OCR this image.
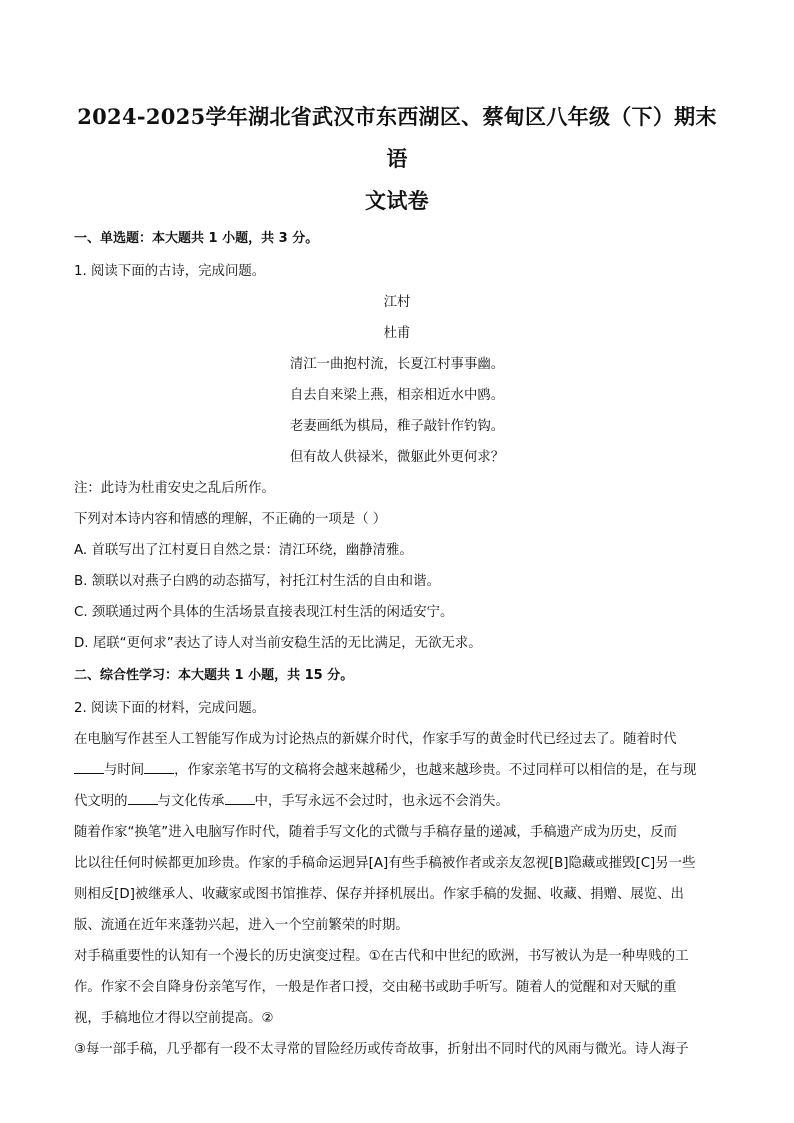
2024-2025学年湖北省武汉市东西湖区、蔡甸区八年级（下）期末语
文试卷
一、单选题：本大题共 1 小题，共 3 分。

1. 阅读下面的古诗，完成问题。

江村
杜甫
清江一曲抱村流，长夏江村事事幽。
自去自来梁上燕，相亲相近水中鸥。
老妻画纸为棋局，稚子敲针作钓钩。
但有故人供禄米，微躯此外更何求？

注：此诗为杜甫安史之乱后所作。

下列对本诗内容和情感的理解，不正确的一项是（ ）

A. 首联写出了江村夏日自然之景：清江环绕，幽静清雅。

B. 颔联以对燕子白鸥的动态描写，衬托江村生活的自由和谐。

C. 颈联通过两个具体的生活场景直接表现江村生活的闲适安宁。

D. 尾联“更何求”表达了诗人对当前安稳生活的无比满足，无欲无求。

二、综合性学习：本大题共 1 小题，共 15 分。

2. 阅读下面的材料，完成问题。

在电脑写作甚至人工智能写作成为讨论热点的新媒介时代，作家手写的黄金时代已经过去了。随着时代
与时间 ，作家亲笔书写的文稿将会越来越稀少，也越来越珍贵。不过同样可以相信的是，在与现
代文明的 与文化传承 中，手写永远不会过时，也永远不会消失。

随着作家“换笔”进入电脑写作时代，随着手写文化的式微与手稿存量的递减，手稿遗产成为历史，反而
比以往任何时候都更加珍贵。作家的手稿命运迥异[A]有些手稿被作者或亲友忽视[B]隐藏或摧毁[C]另一些
则相反[D]被继承人、收藏家或图书馆推荐、保存并择机展出。作家手稿的发掘、收藏、捐赠、展览、出
版、流通在近年来蓬勃兴起，进入一个空前繁荣的时期。

对手稿重要性的认知有一个漫长的历史演变过程。①在古代和中世纪的欧洲，书写被认为是一种卑贱的工
作。作家不会自降身份亲笔写作，一般是作者口授，交由秘书或助手听写。随着人的觉醒和对天赋的重
视，手稿地位才得以空前提高。②

③每一部手稿，几乎都有一段不太寻常的冒险经历或传奇故事，折射出不同时代的风雨与微光。诗人海子
